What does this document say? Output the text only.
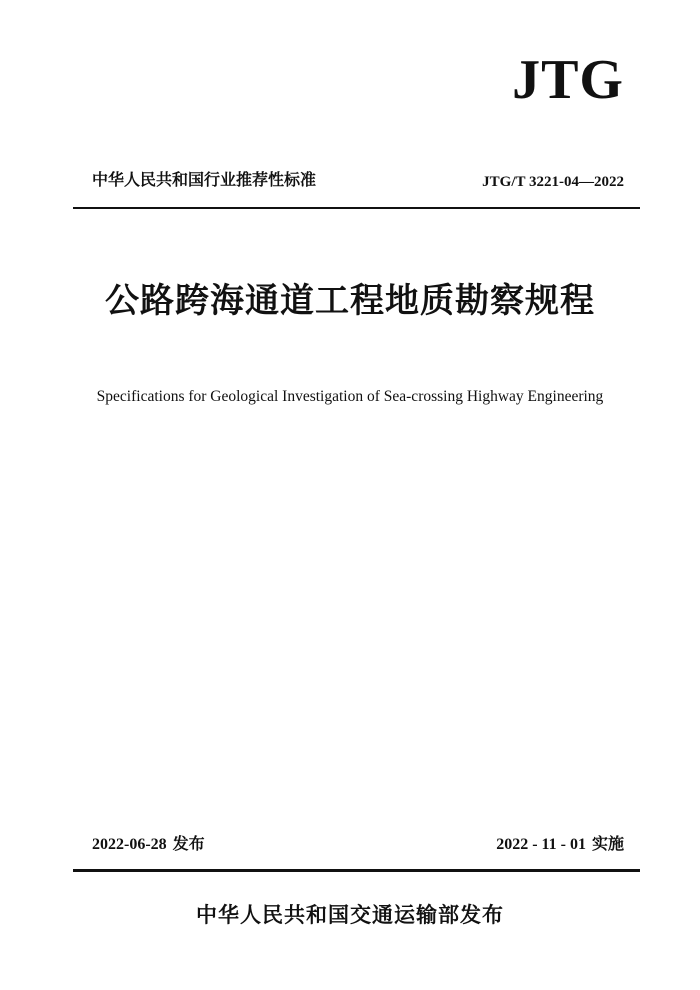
JTG
中华人民共和国行业推荐性标准	JTG/T 3221-04—2022
公路跨海通道工程地质勘察规程
Specifications for Geological Investigation of Sea-crossing Highway Engineering
2022-06-28 发布	2022 - 11 - 01 实施
中华人民共和国交通运输部发布
